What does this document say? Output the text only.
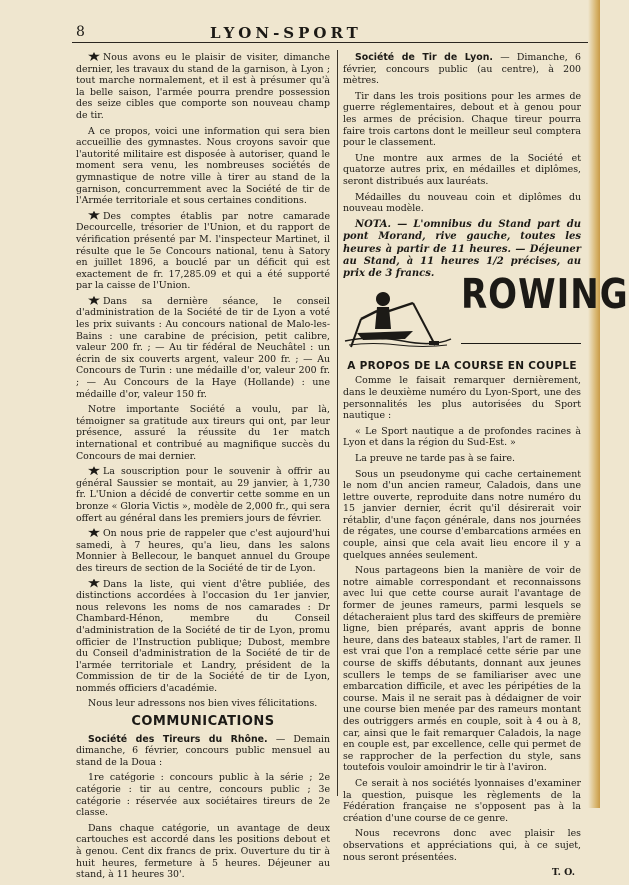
8	LYON-SPORT

Nous avons eu le plaisir de visiter, dimanche dernier, les travaux du stand de la garnison, à Lyon ; tout marche normalement, et il est à présumer qu'à la belle saison, l'armée pourra prendre possession des seize cibles que comporte son nouveau champ de tir.

A ce propos, voici une information qui sera bien accueillie des gymnastes. Nous croyons savoir que l'autorité militaire est disposée à autoriser, quand le moment sera venu, les nombreuses sociétés de gymnastique de notre ville à tirer au stand de la garnison, concurremment avec la Société de tir de l'Armée territoriale et sous certaines conditions.

Des comptes établis par notre camarade Decourcelle, trésorier de l'Union, et du rapport de vérification présenté par M. l'inspecteur Martinet, il résulte que le 5e Concours national, tenu à Satory en juillet 1896, a bouclé par un déficit qui est exactement de fr. 17,285.09 et qui a été supporté par la caisse de l'Union.

Dans sa dernière séance, le conseil d'administration de la Société de tir de Lyon a voté les prix suivants : Au concours national de Malo-les-Bains : une carabine de précision, petit calibre, valeur 200 fr. ; — Au tir fédéral de Neuchâtel : un écrin de six couverts argent, valeur 200 fr. ; — Au Concours de Turin : une médaille d'or, valeur 200 fr. ; — Au Concours de la Haye (Hollande) : une médaille d'or, valeur 150 fr.

Notre importante Société a voulu, par là, témoigner sa gratitude aux tireurs qui ont, par leur présence, assuré la réussite du 1er match international et contribué au magnifique succès du Concours de mai dernier.

La souscription pour le souvenir à offrir au général Saussier se montait, au 29 janvier, à 1,730 fr. L'Union a décidé de convertir cette somme en un bronze « Gloria Victis », modèle de 2,000 fr., qui sera offert au général dans les premiers jours de février.

On nous prie de rappeler que c'est aujourd'hui samedi, à 7 heures, qu'a lieu, dans les salons Monnier à Bellecour, le banquet annuel du Groupe des tireurs de section de la Société de tir de Lyon.

Dans la liste, qui vient d'être publiée, des distinctions accordées à l'occasion du 1er janvier, nous relevons les noms de nos camarades : Dr Chambard-Hénon, membre du Conseil d'administration de la Société de tir de Lyon, promu officier de l'Instruction publique; Dubost, membre du Conseil d'administration de la Société de tir de l'armée territoriale et Landry, président de la Commission de tir de la Société de tir de Lyon, nommés officiers d'académie.

Nous leur adressons nos bien vives félicitations.

COMMUNICATIONS

Société des Tireurs du Rhône. — Demain dimanche, 6 février, concours public mensuel au stand de la Doua :

1re catégorie : concours public à la série ; 2e catégorie : tir au centre, concours public ; 3e catégorie : réservée aux sociétaires tireurs de 2e classe.

Dans chaque catégorie, un avantage de deux cartouches est accordé dans les positions debout et à genou. Cent dix francs de prix. Ouverture du tir à huit heures, fermeture à 5 heures. Déjeuner au stand, à 11 heures 30'.

Société de Tir de Lyon. — Dimanche, 6 février, concours public (au centre), à 200 mètres.

Tir dans les trois positions pour les armes de guerre réglementaires, debout et à genou pour les armes de précision. Chaque tireur pourra faire trois cartons dont le meilleur seul comptera pour le classement.

Une montre aux armes de la Société et quatorze autres prix, en médailles et diplômes, seront distribués aux lauréats.

Médailles du nouveau coin et diplômes du nouveau modèle.

NOTA. — L'omnibus du Stand part du pont Morand, rive gauche, toutes les heures à partir de 11 heures. — Déjeuner au Stand, à 11 heures 1/2 précises, au prix de 3 francs. ROWING
A PROPOS DE LA COURSE EN COUPLE

Comme le faisait remarquer dernièrement, dans le deuxième numéro du Lyon-Sport, une des personnalités les plus autorisées du Sport nautique :

« Le Sport nautique a de profondes racines à Lyon et dans la région du Sud-Est. »

La preuve ne tarde pas à se faire.

Sous un pseudonyme qui cache certainement le nom d'un ancien rameur, Caladois, dans une lettre ouverte, reproduite dans notre numéro du 15 janvier dernier, écrit qu'il désirerait voir rétablir, d'une façon générale, dans nos journées de régates, une course d'embarcations armées en couple, ainsi que cela avait lieu encore il y a quelques années seulement.

Nous partageons bien la manière de voir de notre aimable correspondant et reconnaissons avec lui que cette course aurait l'avantage de former de jeunes rameurs, parmi lesquels se détacheraient plus tard des skiffeurs de première ligne, bien préparés, avant appris de bonne heure, dans des bateaux stables, l'art de ramer. Il est vrai que l'on a remplacé cette série par une course de skiffs débutants, donnant aux jeunes scullers le temps de se familiariser avec une embarcation difficile, et avec les péripéties de la course. Mais il ne serait pas à dédaigner de voir une course bien menée par des rameurs montant des outriggers armés en couple, soit à 4 ou à 8, car, ainsi que le fait remarquer Caladois, la nage en couple est, par excellence, celle qui permet de se rapprocher de la perfection du style, sans toutefois vouloir amoindrir le tir à l'aviron.

Ce serait à nos sociétés lyonnaises d'examiner la question, puisque les règlements de la Fédération française ne s'opposent pas à la création d'une course de ce genre.

Nous recevrons donc avec plaisir les observations et appréciations qui, à ce sujet, nous seront présentées.

T. O.
